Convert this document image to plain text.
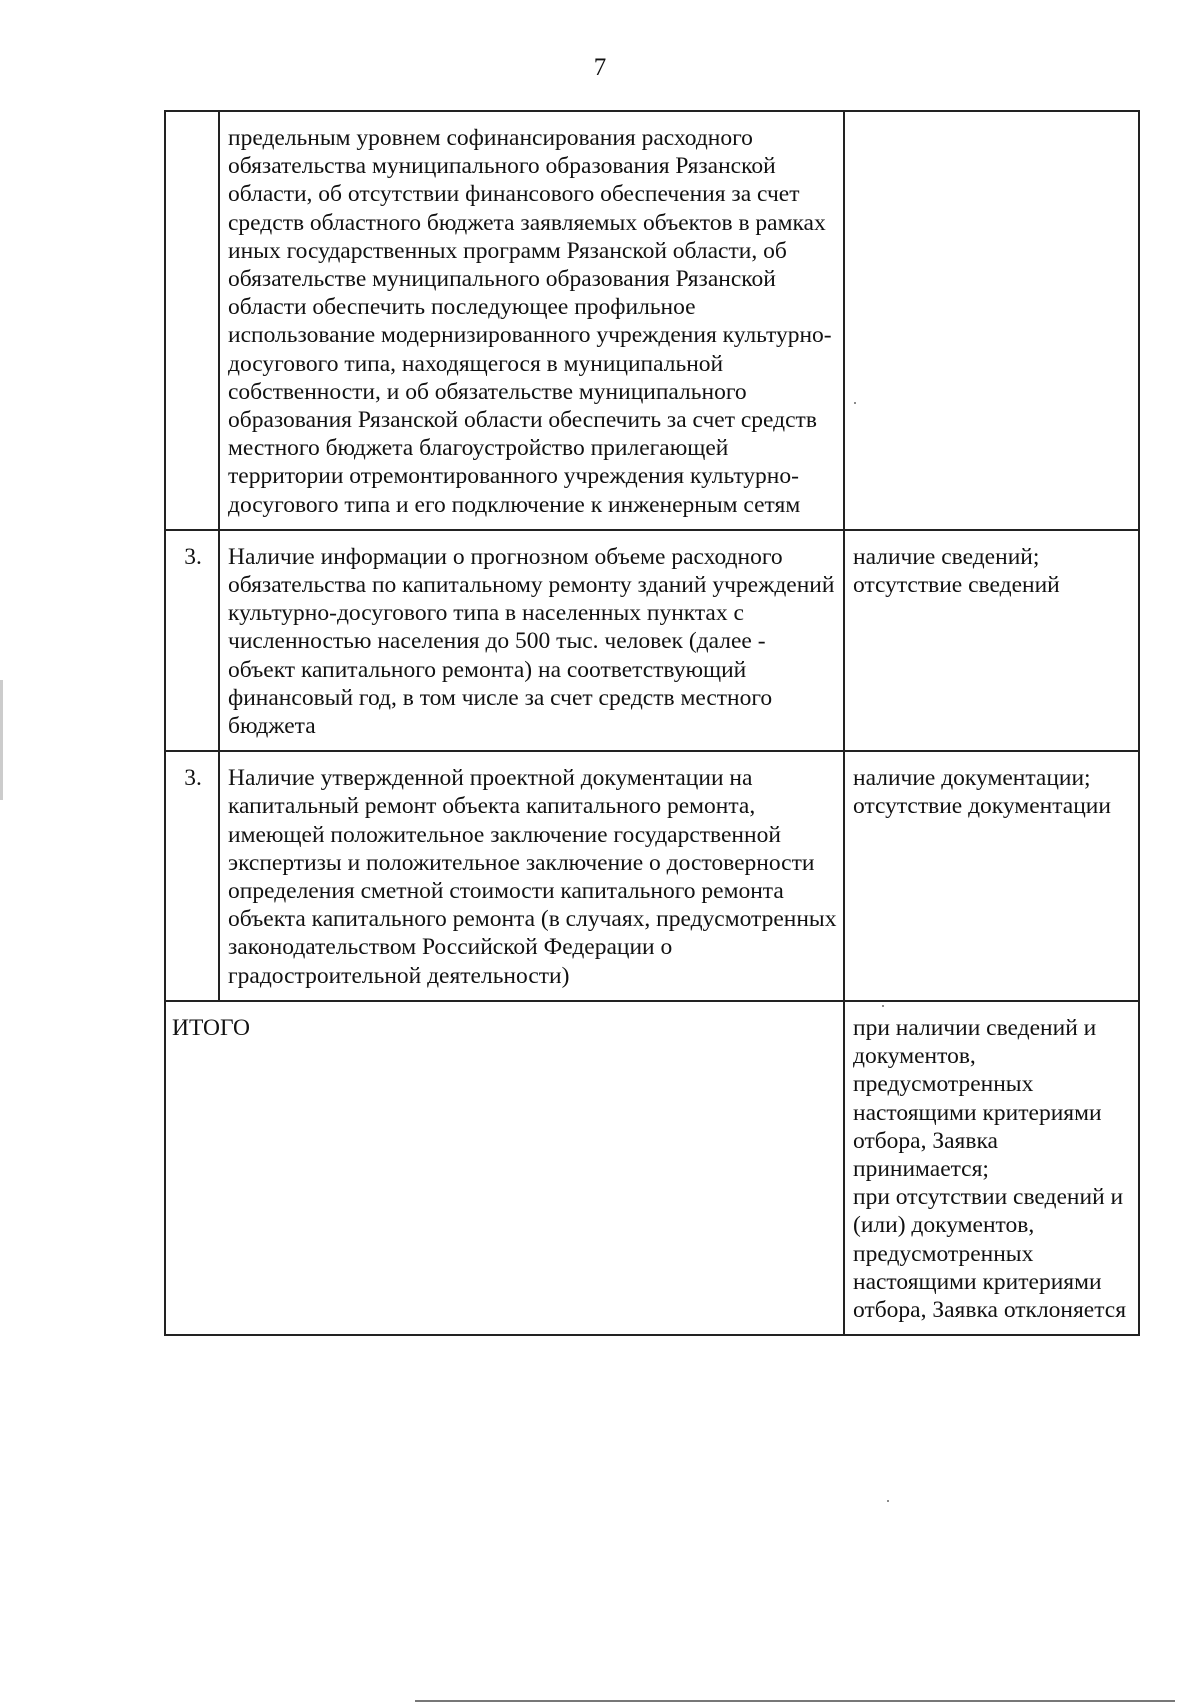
7

	предельным уровнем софинансирования расходного обязательства муниципального образования Рязанской области, об отсутствии финансового обеспечения за счет средств областного бюджета заявляемых объектов в рамках иных государственных программ Рязанской области, об обязательстве муниципального образования Рязанской области обеспечить последующее профильное использование модернизированного учреждения культурно-досугового типа, находящегося в муниципальной собственности, и об обязательстве муниципального образования Рязанской области обеспечить за счет средств местного бюджета благоустройство прилегающей территории отремонтированного учреждения культурно-досугового типа и его подключение к инженерным сетям	

3.	Наличие информации о прогнозном объеме расходного обязательства по капитальному ремонту зданий учреждений культурно-досугового типа в населенных пунктах с численностью населения до 500 тыс. человек (далее - объект капитального ремонта) на соответствующий финансовый год, в том числе за счет средств местного бюджета	наличие сведений;
отсутствие сведений

3.	Наличие утвержденной проектной документации на капитальный ремонт объекта капитального ремонта, имеющей положительное заключение государственной экспертизы и положительное заключение о достоверности определения сметной стоимости капитального ремонта объекта капитального ремонта (в случаях, предусмотренных законодательством Российской Федерации о градостроительной деятельности)	наличие документации;
отсутствие документации

ИТОГО		при наличии сведений и документов, предусмотренных настоящими критериями отбора, Заявка принимается;
при отсутствии сведений и (или) документов, предусмотренных настоящими критериями отбора, Заявка отклоняется
